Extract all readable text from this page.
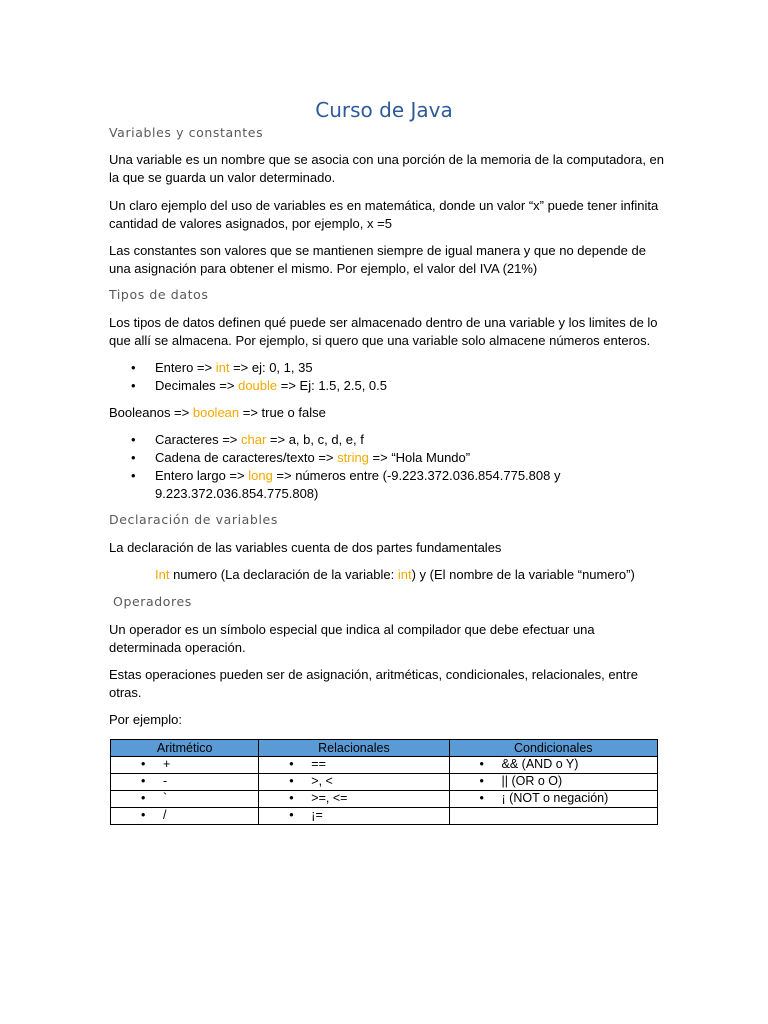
Curso de Java
Variables y constantes
Una variable es un nombre que se asocia con una porción de la memoria de la computadora, en la que se guarda un valor determinado.
Un claro ejemplo del uso de variables es en matemática, donde un valor “x” puede tener infinita cantidad de valores asignados, por ejemplo, x =5
Las constantes son valores que se mantienen siempre de igual manera y que no depende de una asignación para obtener el mismo. Por ejemplo, el valor del IVA (21%)
Tipos de datos
Los tipos de datos definen qué puede ser almacenado dentro de una variable y los limites de lo que allí se almacena. Por ejemplo, si quero que una variable solo almacene números enteros.
• Entero => int => ej: 0, 1, 35
• Decimales => double => Ej: 1.5, 2.5, 0.5
Booleanos => boolean => true o false
• Caracteres => char => a, b, c, d, e, f
• Cadena de caracteres/texto => string => “Hola Mundo”
• Entero largo => long => números entre (-9.223.372.036.854.775.808 y
9.223.372.036.854.775.808)
Declaración de variables
La declaración de las variables cuenta de dos partes fundamentales
Int numero (La declaración de la variable: int) y (El nombre de la variable “numero”)
Operadores
Un operador es un símbolo especial que indica al compilador que debe efectuar una determinada operación.
Estas operaciones pueden ser de asignación, aritméticas, condicionales, relacionales, entre otras.
Por ejemplo:
Aritmético	Relacionales	Condicionales

• +	• ==	• && (AND o Y)

• -	• >, <	• || (OR o O)

• `	• >=, <=	• ¡ (NOT o negación)

• /	• ¡=	
